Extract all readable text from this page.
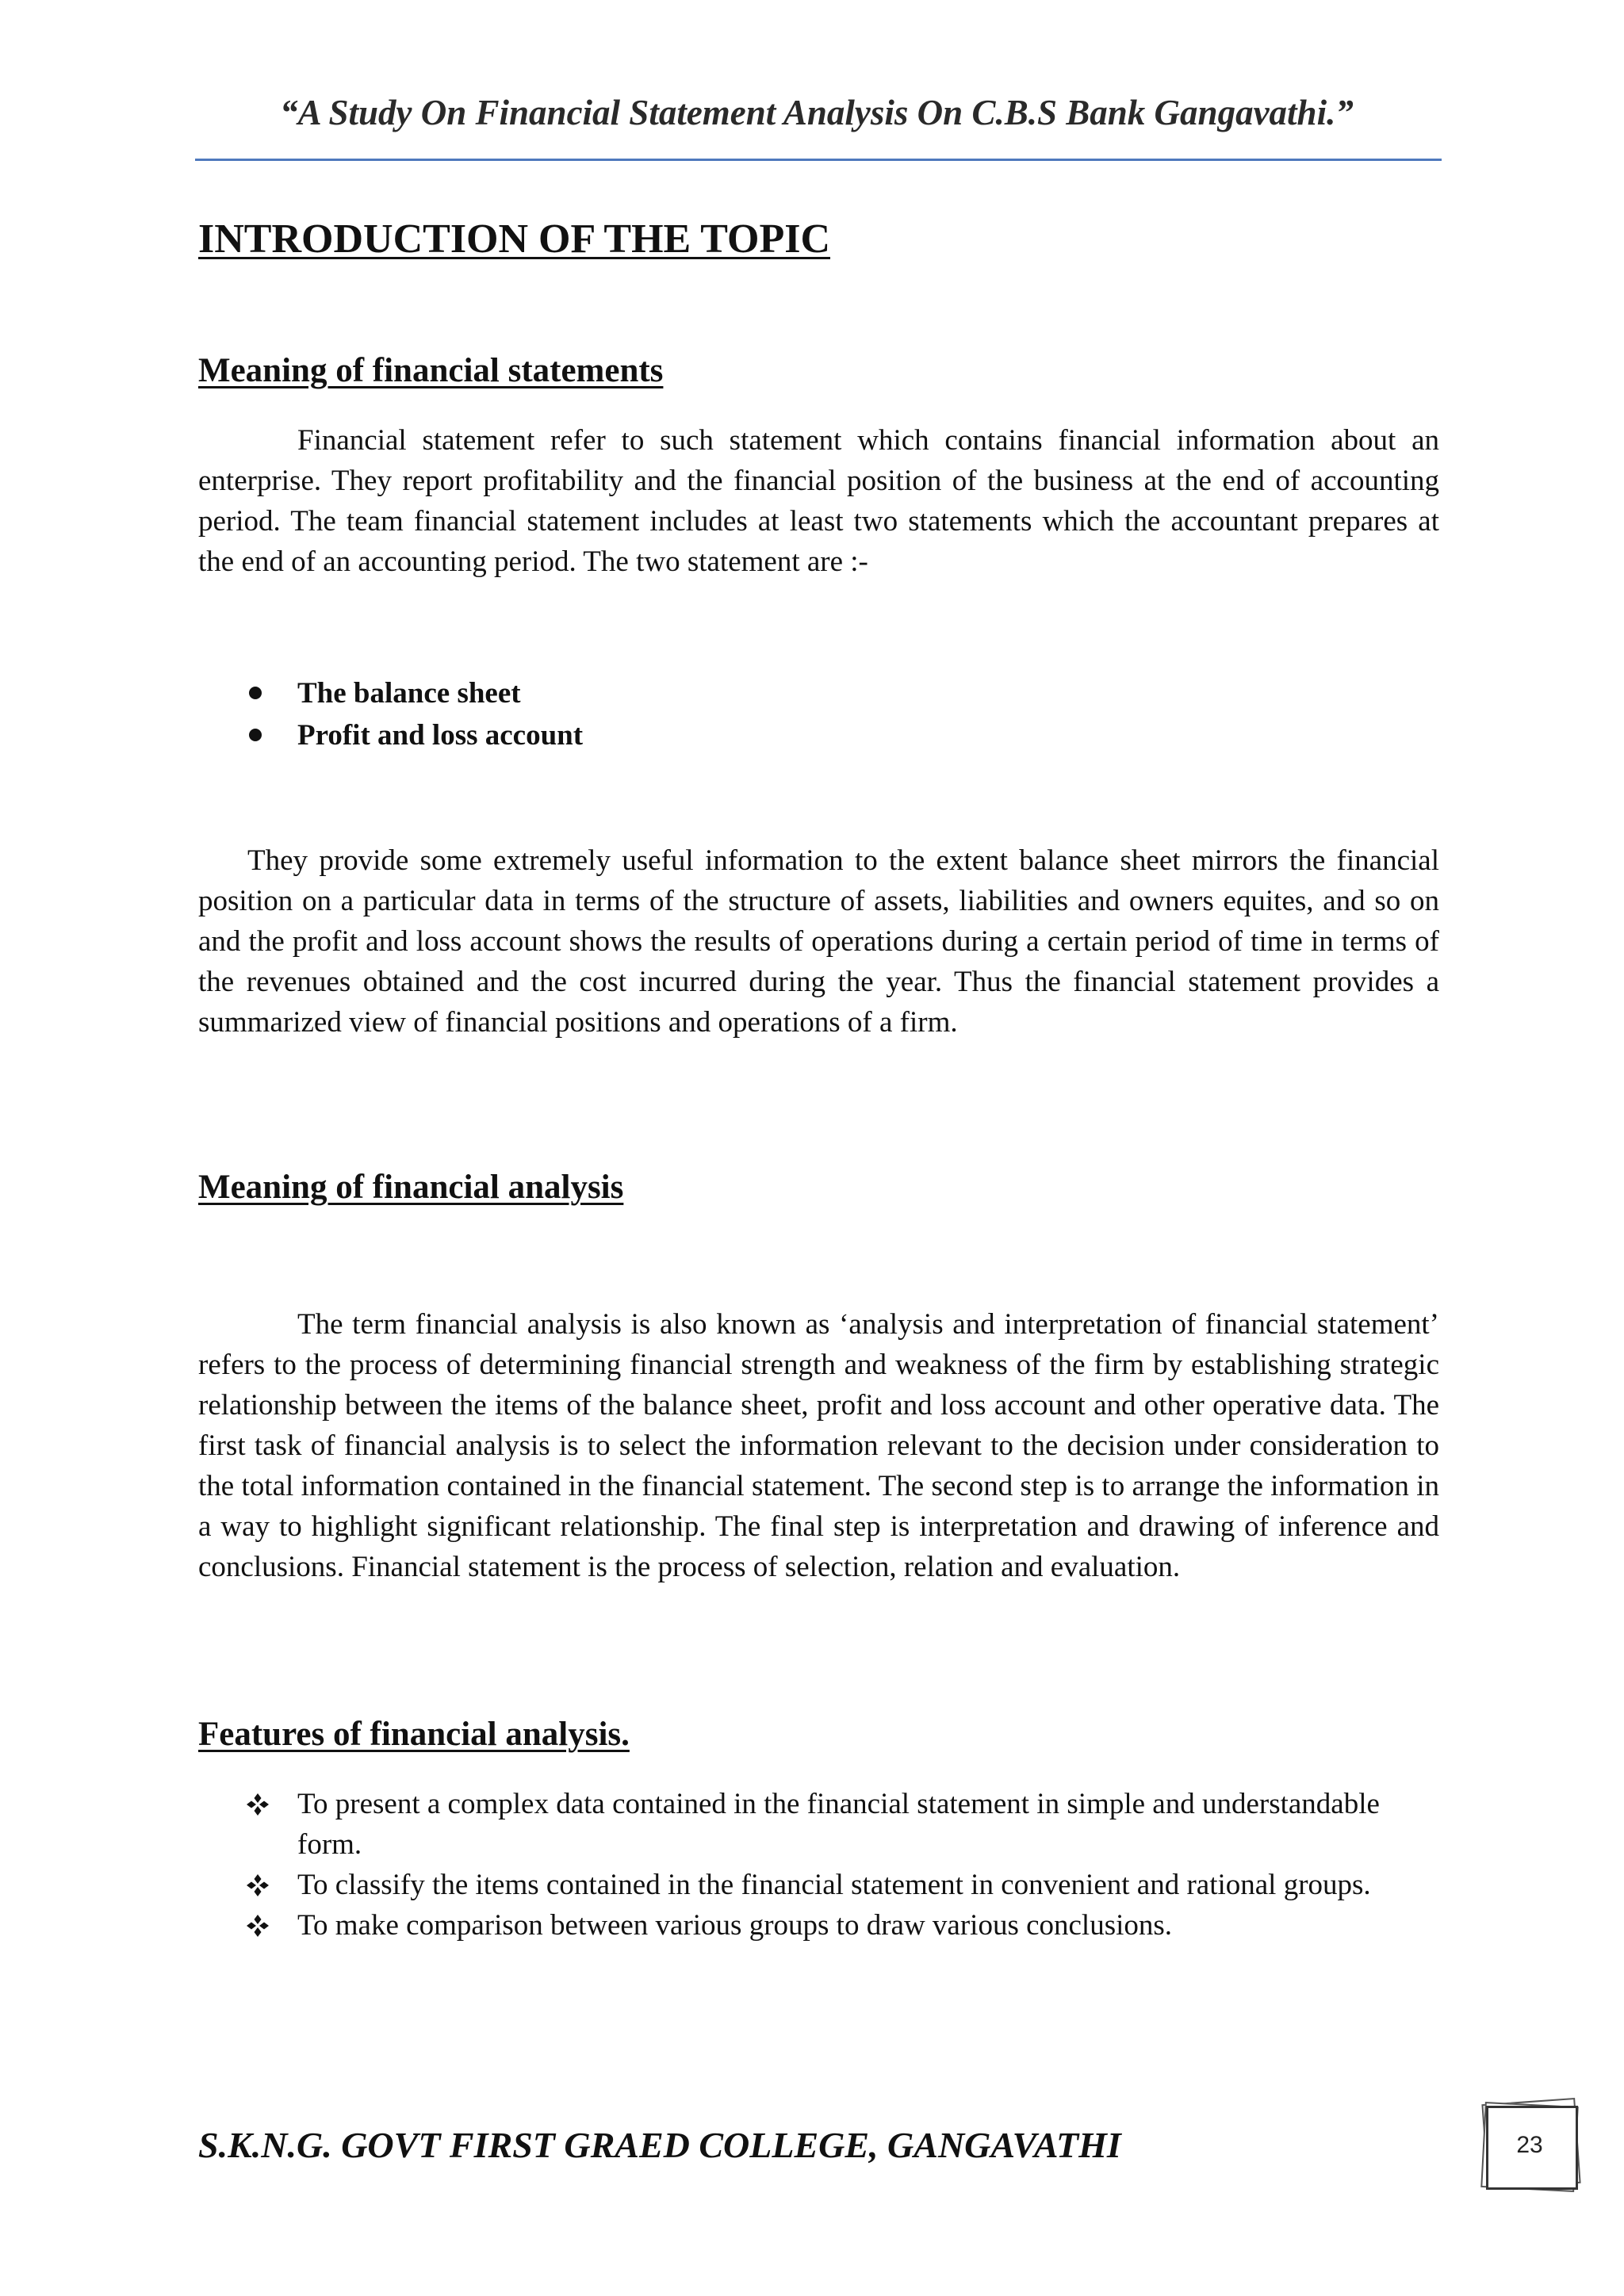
“A Study On Financial Statement Analysis On C.B.S Bank Gangavathi.”
INTRODUCTION OF THE TOPIC
Meaning of financial statements

Financial statement refer to such statement which contains financial information about an enterprise. They report profitability and the financial position of the business at the end of accounting period. The team financial statement includes at least two statements which the accountant prepares at the end of an accounting period. The two statement are :-

The balance sheet
Profit and loss account

They provide some extremely useful information to the extent balance sheet mirrors the financial position on a particular data in terms of the structure of assets, liabilities and owners equites, and so on and the profit and loss account shows the results of operations during a certain period of time in terms of the revenues obtained and the cost incurred during the year. Thus the financial statement provides a summarized view of financial positions and operations of a firm.

Meaning of financial analysis

The term financial analysis is also known as ‘analysis and interpretation of financial statement’ refers to the process of determining financial strength and weakness of the firm by establishing strategic relationship between the items of the balance sheet, profit and loss account and other operative data. The first task of financial analysis is to select the information relevant to the decision under consideration to the total information contained in the financial statement. The second step is to arrange the information in a way to highlight significant relationship. The final step is interpretation and drawing of inference and conclusions. Financial statement is the process of selection, relation and evaluation.

Features of financial analysis.
To present a complex data contained in the financial statement in simple and understandable form.
To classify the items contained in the financial statement in convenient and rational groups.
To make comparison between various groups to draw various conclusions.
S.K.N.G. GOVT FIRST GRAED COLLEGE, GANGAVATHI	23
